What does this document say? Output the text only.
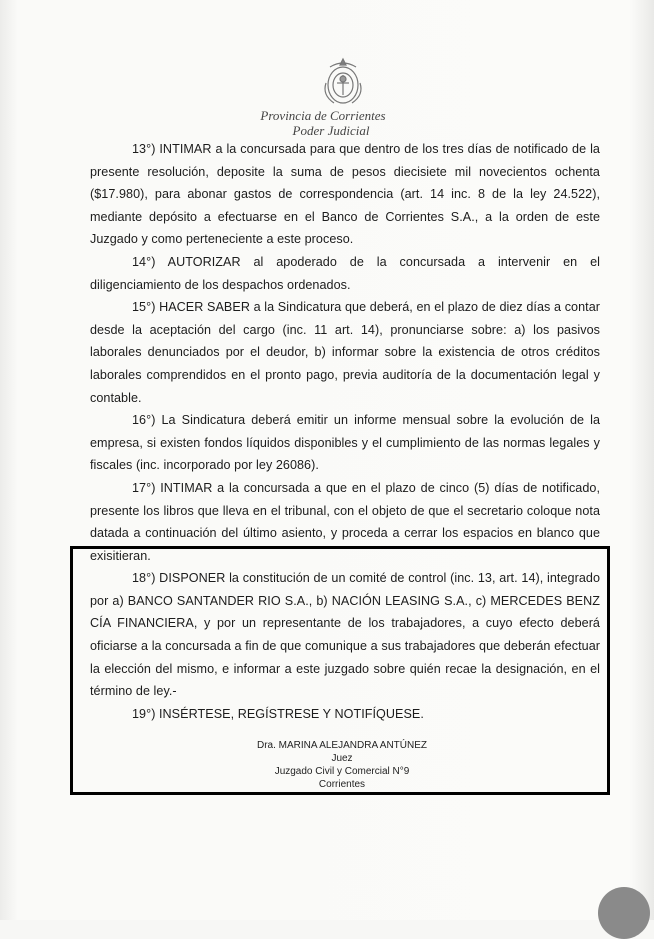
Provincia de Corrientes
Poder Judicial

13°) INTIMAR a la concursada para que dentro de los tres días de notificado de la presente resolución, deposite la suma de pesos diecisiete mil novecientos ochenta ($17.980), para abonar gastos de correspondencia (art. 14 inc. 8 de la ley 24.522), mediante depósito a efectuarse en el Banco de Corrientes S.A., a la orden de este Juzgado y como perteneciente a este proceso.

14°) AUTORIZAR al apoderado de la concursada a intervenir en el diligenciamiento de los despachos ordenados.

15°) HACER SABER a la Sindicatura que deberá, en el plazo de diez días a contar desde la aceptación del cargo (inc. 11 art. 14), pronunciarse sobre: a) los pasivos laborales denunciados por el deudor, b) informar sobre la existencia de otros créditos laborales comprendidos en el pronto pago, previa auditoría de la documentación legal y contable.

16°) La Sindicatura deberá emitir un informe mensual sobre la evolución de la empresa, si existen fondos líquidos disponibles y el cumplimiento de las normas legales y fiscales (inc. incorporado por ley 26086).

17°) INTIMAR a la concursada a que en el plazo de cinco (5) días de notificado, presente los libros que lleva en el tribunal, con el objeto de que el secretario coloque nota datada a continuación del último asiento, y proceda a cerrar los espacios en blanco que exisitieran.

18°) DISPONER la constitución de un comité de control (inc. 13, art. 14), integrado por a) BANCO SANTANDER RIO S.A., b) NACIÓN LEASING S.A., c) MERCEDES BENZ CÍA FINANCIERA, y por un representante de los trabajadores, a cuyo efecto deberá oficiarse a la concursada a fin de que comunique a sus trabajadores que deberán efectuar la elección del mismo, e informar a este juzgado sobre quién recae la designación, en el término de ley.-

19°) INSÉRTESE, REGÍSTRESE Y NOTIFÍQUESE.

Dra. MARINA ALEJANDRA ANTÚNEZ
Juez
Juzgado Civil y Comercial N°9
Corrientes
